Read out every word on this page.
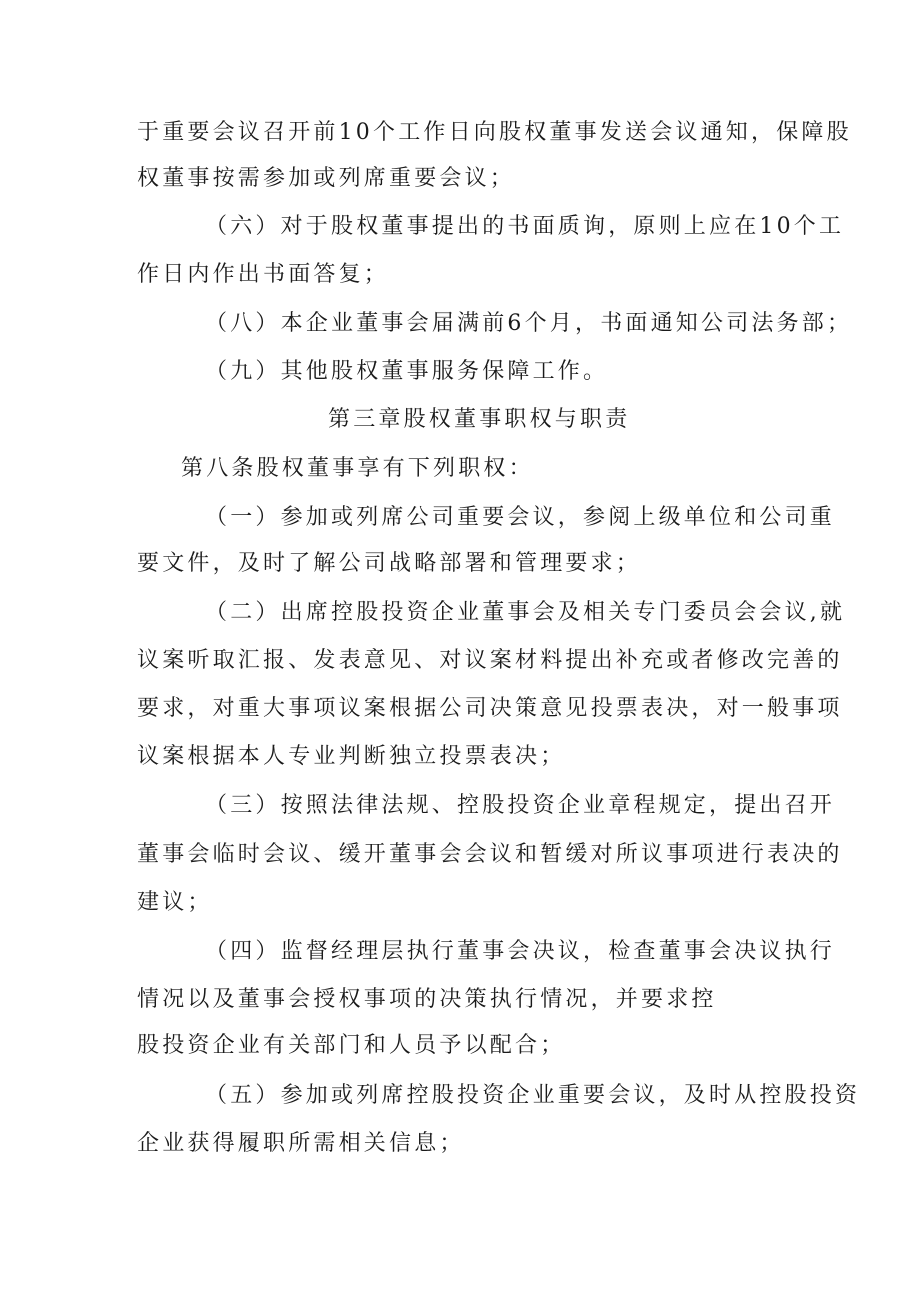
于重要会议召开前10个工作日向股权董事发送会议通知，保障股
权董事按需参加或列席重要会议；
（六）对于股权董事提出的书面质询，原则上应在10个工
作日内作出书面答复；
（八）本企业董事会届满前6个月，书面通知公司法务部；
（九）其他股权董事服务保障工作。
第三章股权董事职权与职责
第八条股权董事享有下列职权：
（一）参加或列席公司重要会议，参阅上级单位和公司重
要文件，及时了解公司战略部署和管理要求；
（二）出席控股投资企业董事会及相关专门委员会会议,就
议案听取汇报、发表意见、对议案材料提出补充或者修改完善的
要求，对重大事项议案根据公司决策意见投票表决，对一般事项
议案根据本人专业判断独立投票表决；
（三）按照法律法规、控股投资企业章程规定，提出召开
董事会临时会议、缓开董事会会议和暂缓对所议事项进行表决的
建议；
（四）监督经理层执行董事会决议，检查董事会决议执行
情况以及董事会授权事项的决策执行情况，并要求控
股投资企业有关部门和人员予以配合；
（五）参加或列席控股投资企业重要会议，及时从控股投资
企业获得履职所需相关信息；
